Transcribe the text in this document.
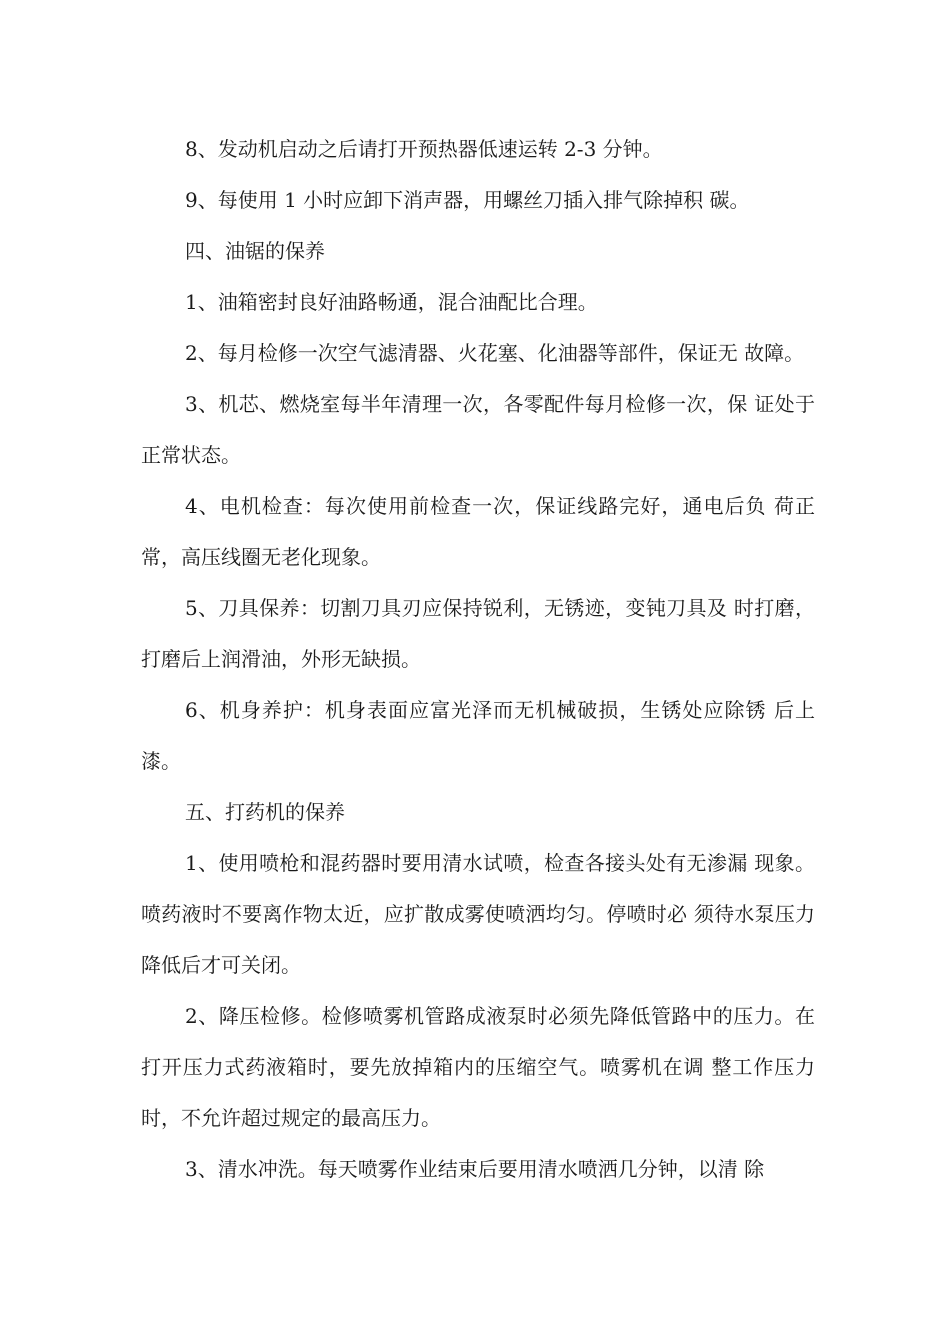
8、发动机启动之后请打开预热器低速运转 2-3 分钟。

9、每使用 1 小时应卸下消声器，用螺丝刀插入排气除掉积 碳。

四、油锯的保养

1、油箱密封良好油路畅通，混合油配比合理。

2、每月检修一次空气滤清器、火花塞、化油器等部件，保证无 故障。

3、机芯、燃烧室每半年清理一次，各零配件每月检修一次，保 证处于正常状态。

4、电机检查：每次使用前检查一次，保证线路完好，通电后负 荷正常，高压线圈无老化现象。

5、刀具保养：切割刀具刃应保持锐利，无锈迹，变钝刀具及 时打磨，打磨后上润滑油，外形无缺损。

6、机身养护：机身表面应富光泽而无机械破损，生锈处应除锈 后上漆。

五、打药机的保养

1、使用喷枪和混药器时要用清水试喷，检查各接头处有无渗漏 现象。喷药液时不要离作物太近，应扩散成雾使喷洒均匀。停喷时必 须待水泵压力降低后才可关闭。

2、降压检修。检修喷雾机管路成液泵时必须先降低管路中的压力。在打开压力式药液箱时，要先放掉箱内的压缩空气。喷雾机在调 整工作压力时，不允许超过规定的最高压力。

3、清水冲洗。每天喷雾作业结束后要用清水喷洒几分钟，以清 除
